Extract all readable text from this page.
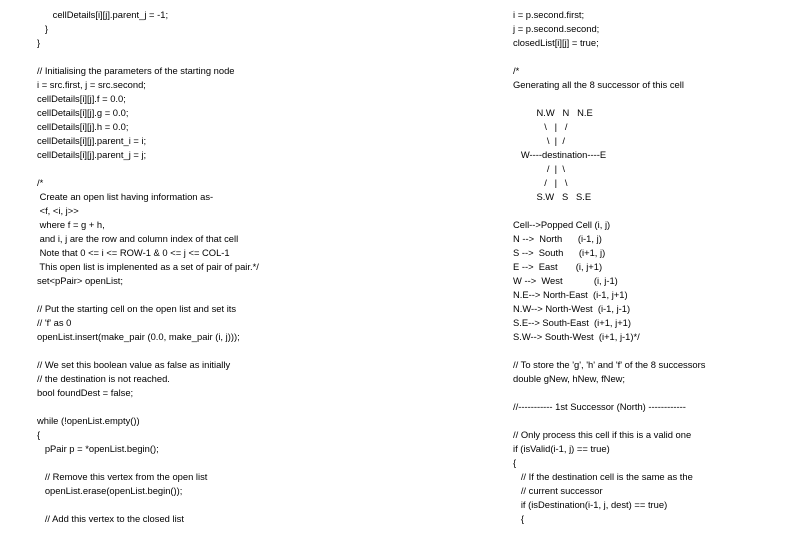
cellDetails[i][j].parent_j = -1;
}
}
// Initialising the parameters of the starting node
i = src.first, j = src.second;
cellDetails[i][j].f = 0.0;
cellDetails[i][j].g = 0.0;
cellDetails[i][j].h = 0.0;
cellDetails[i][j].parent_i = i;
cellDetails[i][j].parent_j = j;
/*
Create an open list having information as-
<f, <i, j>>
where f = g + h,
and i, j are the row and column index of that cell
Note that 0 <= i <= ROW-1 & 0 <= j <= COL-1
This open list is implenented as a set of pair of pair.*/
set<pPair> openList;
// Put the starting cell on the open list and set its
// 'f' as 0
openList.insert(make_pair (0.0, make_pair (i, j)));
// We set this boolean value as false as initially
// the destination is not reached.
bool foundDest = false;
while (!openList.empty())
{
pPair p = *openList.begin();
// Remove this vertex from the open list
openList.erase(openList.begin());
// Add this vertex to the closed list
i = p.second.first;
j = p.second.second;
closedList[i][j] = true;
/*
Generating all the 8 successor of this cell
N.W   N   N.E
\   |   /
\  |  /
W----destination----E
/  |  \
/   |   \
S.W   S   S.E
Cell-->Popped Cell (i, j)
N -->  North      (i-1, j)
S -->  South      (i+1, j)
E -->  East       (i, j+1)
W -->  West            (i, j-1)
N.E--> North-East  (i-1, j+1)
N.W--> North-West  (i-1, j-1)
S.E--> South-East  (i+1, j+1)
S.W--> South-West  (i+1, j-1)*/
// To store the 'g', 'h' and 'f' of the 8 successors
double gNew, hNew, fNew;
//----------- 1st Successor (North) ------------
// Only process this cell if this is a valid one
if (isValid(i-1, j) == true)
{
// If the destination cell is the same as the
// current successor
if (isDestination(i-1, j, dest) == true)
{
